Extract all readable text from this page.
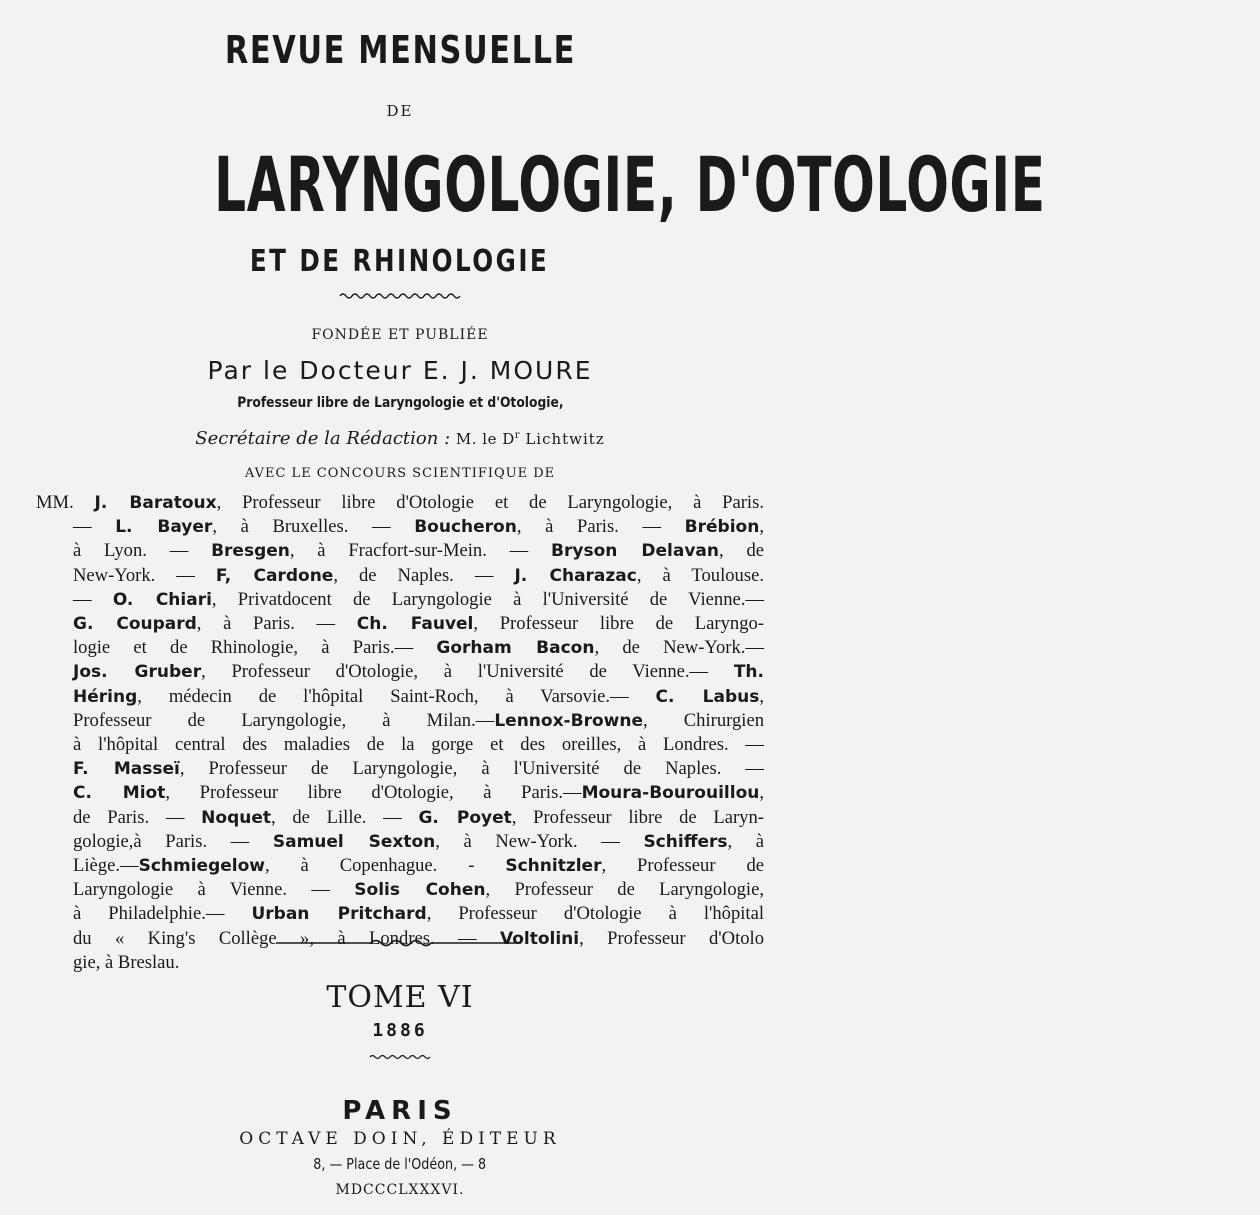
REVUE MENSUELLE
DE
LARYNGOLOGIE, D'OTOLOGIE
ET DE RHINOLOGIE
FONDÉE ET PUBLIÉE
Par le Docteur E. J. MOURE
Professeur libre de Laryngologie et d'Otologie,
Secrétaire de la Rédaction : M. le $D^r$ Lichtwitz
AVEC LE CONCOURS SCIENTIFIQUE DE
MM. J. Baratoux, Professeur libre d'Otologie et de Laryngologie, à Paris.
— L. Bayer, à Bruxelles. — Boucheron, à Paris. — Brébion,
à Lyon. — Bresgen, à Fracfort-sur-Mein. — Bryson Delavan, de
New-York. — F, Cardone, de Naples. — J. Charazac, à Toulouse.
— O. Chiari, Privatdocent de Laryngologie à l'Université de Vienne.—
G. Coupard, à Paris. — Ch. Fauvel, Professeur libre de Laryngo-
logie et de Rhinologie, à Paris.— Gorham Bacon, de New-York.—
Jos. Gruber, Professeur d'Otologie, à l'Université de Vienne.— Th.
Héring, médecin de l'hôpital Saint-Roch, à Varsovie.— C. Labus,
Professeur de Laryngologie, à Milan.—Lennox-Browne, Chirurgien
à l'hôpital central des maladies de la gorge et des oreilles, à Londres. —
F. Masseï, Professeur de Laryngologie, à l'Université de Naples. —
C. Miot, Professeur libre d'Otologie, à Paris.—Moura-Bourouillou,
de Paris. — Noquet, de Lille. — G. Poyet, Professeur libre de Laryn-
gologie,à Paris. — Samuel Sexton, à New-York. — Schiffers, à
Liège.—Schmiegelow, à Copenhague. - Schnitzler, Professeur de
Laryngologie à Vienne. — Solis Cohen, Professeur de Laryngologie,
à Philadelphie.— Urban Pritchard, Professeur d'Otologie à l'hôpital
du « King's Collège », à Londres. — Voltolini, Professeur d'Otolo
gie, à Breslau.
TOME VI
1886
PARIS
OCTAVE DOIN, ÉDITEUR
8, — Place de l'Odéon, — 8
MDCCCLXXXVI.
